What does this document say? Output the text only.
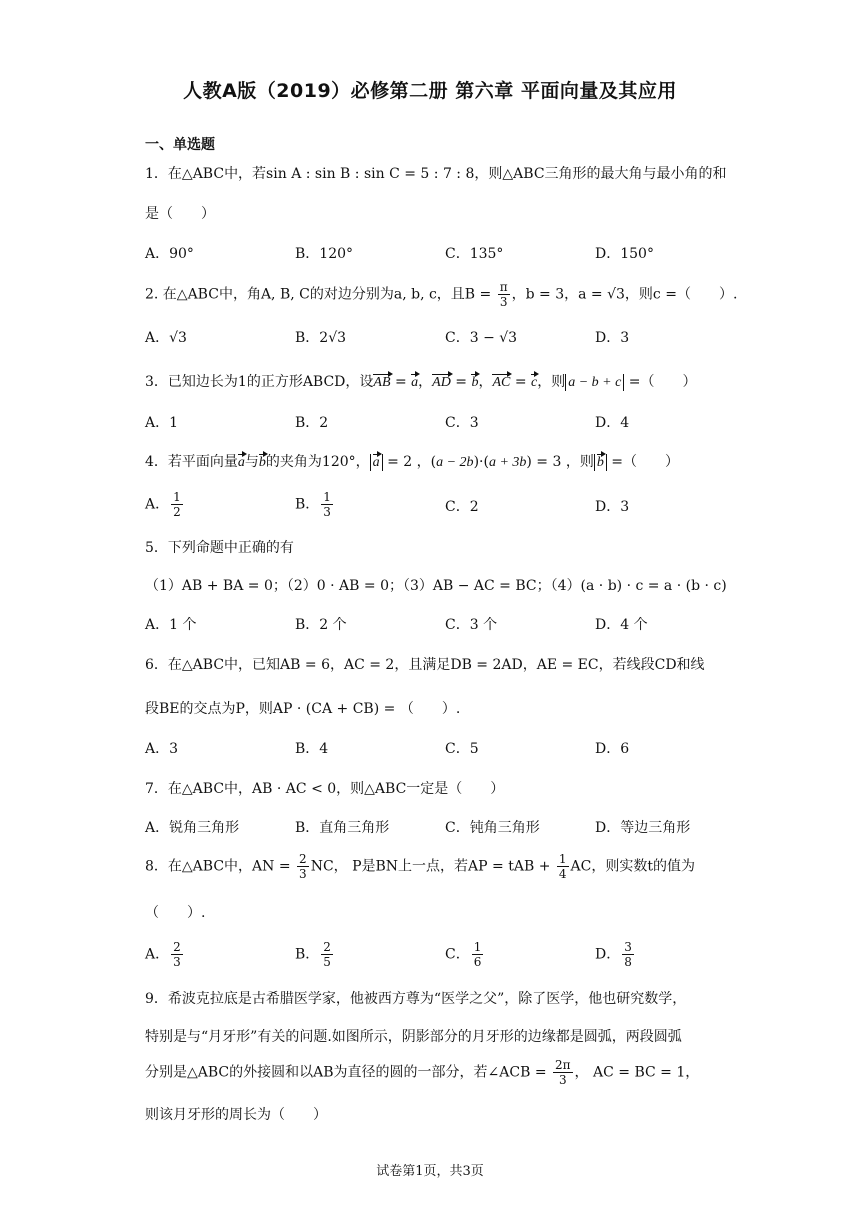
人教A版（2019）必修第二册 第六章 平面向量及其应用
一、单选题
1．在△ABC中，若sin A : sin B : sin C = 5 : 7 : 8，则△ABC三角形的最大角与最小角的和
是（　　）
A．90°	B．120°	C．135°	D．150°
2. 在△ABC中，角A, B, C的对边分别为a, b, c，且$B = \frac{\pi}{3}$ ，b = 3，a = √3，则c =（　　）.
A．√3	B．2√3	C．3 − √3	D．3
3．已知边长为1的正方形ABCD，设AB = a，AD = b，AC = c，则 a − b + c =（　　）
A．1	B．2	C．3	D．4
4．若平面向量a与b的夹角为120°， a = 2 ，(a − 2b)·(a + 3b) = 3 ，则 b =（　　）
A． $\frac{1}{2}$	B． $\frac{1}{3}$	C．2	D．3
5．下列命题中正确的有
（1）AB + BA = 0；（2）0 · AB = 0；（3）AB − AC = BC；（4）(a · b) · c = a · (b · c)
A．1 个	B．2 个	C．3 个	D．4 个
6．在△ABC中，已知AB = 6，AC = 2，且满足DB = 2AD，AE = EC，若线段CD和线
段BE的交点为P，则AP · (CA + CB) = （　　）.
A．3	B．4	C．5	D．6
7．在△ABC中，AB · AC < 0，则△ABC一定是（　　）
A．锐角三角形	B．直角三角形	C．钝角三角形	D．等边三角形
8．在△ABC中，AN = $\frac{2}{3}$ NC， P是BN上一点，若AP = tAB + $\frac{1}{4}$ AC，则实数t的值为
（　　）.
A． $\frac{2}{3}$	B． $\frac{2}{5}$	C． $\frac{1}{6}$	D． $\frac{3}{8}$
9．希波克拉底是古希腊医学家，他被西方尊为“医学之父”，除了医学，他也研究数学，
特别是与“月牙形”有关的问题.如图所示，阴影部分的月牙形的边缘都是圆弧，两段圆弧
分别是△ABC的外接圆和以AB为直径的圆的一部分，若∠ACB = $\frac{2\pi}{3}$ ， AC = BC = 1，
则该月牙形的周长为（　　）
试卷第1页，共3页
